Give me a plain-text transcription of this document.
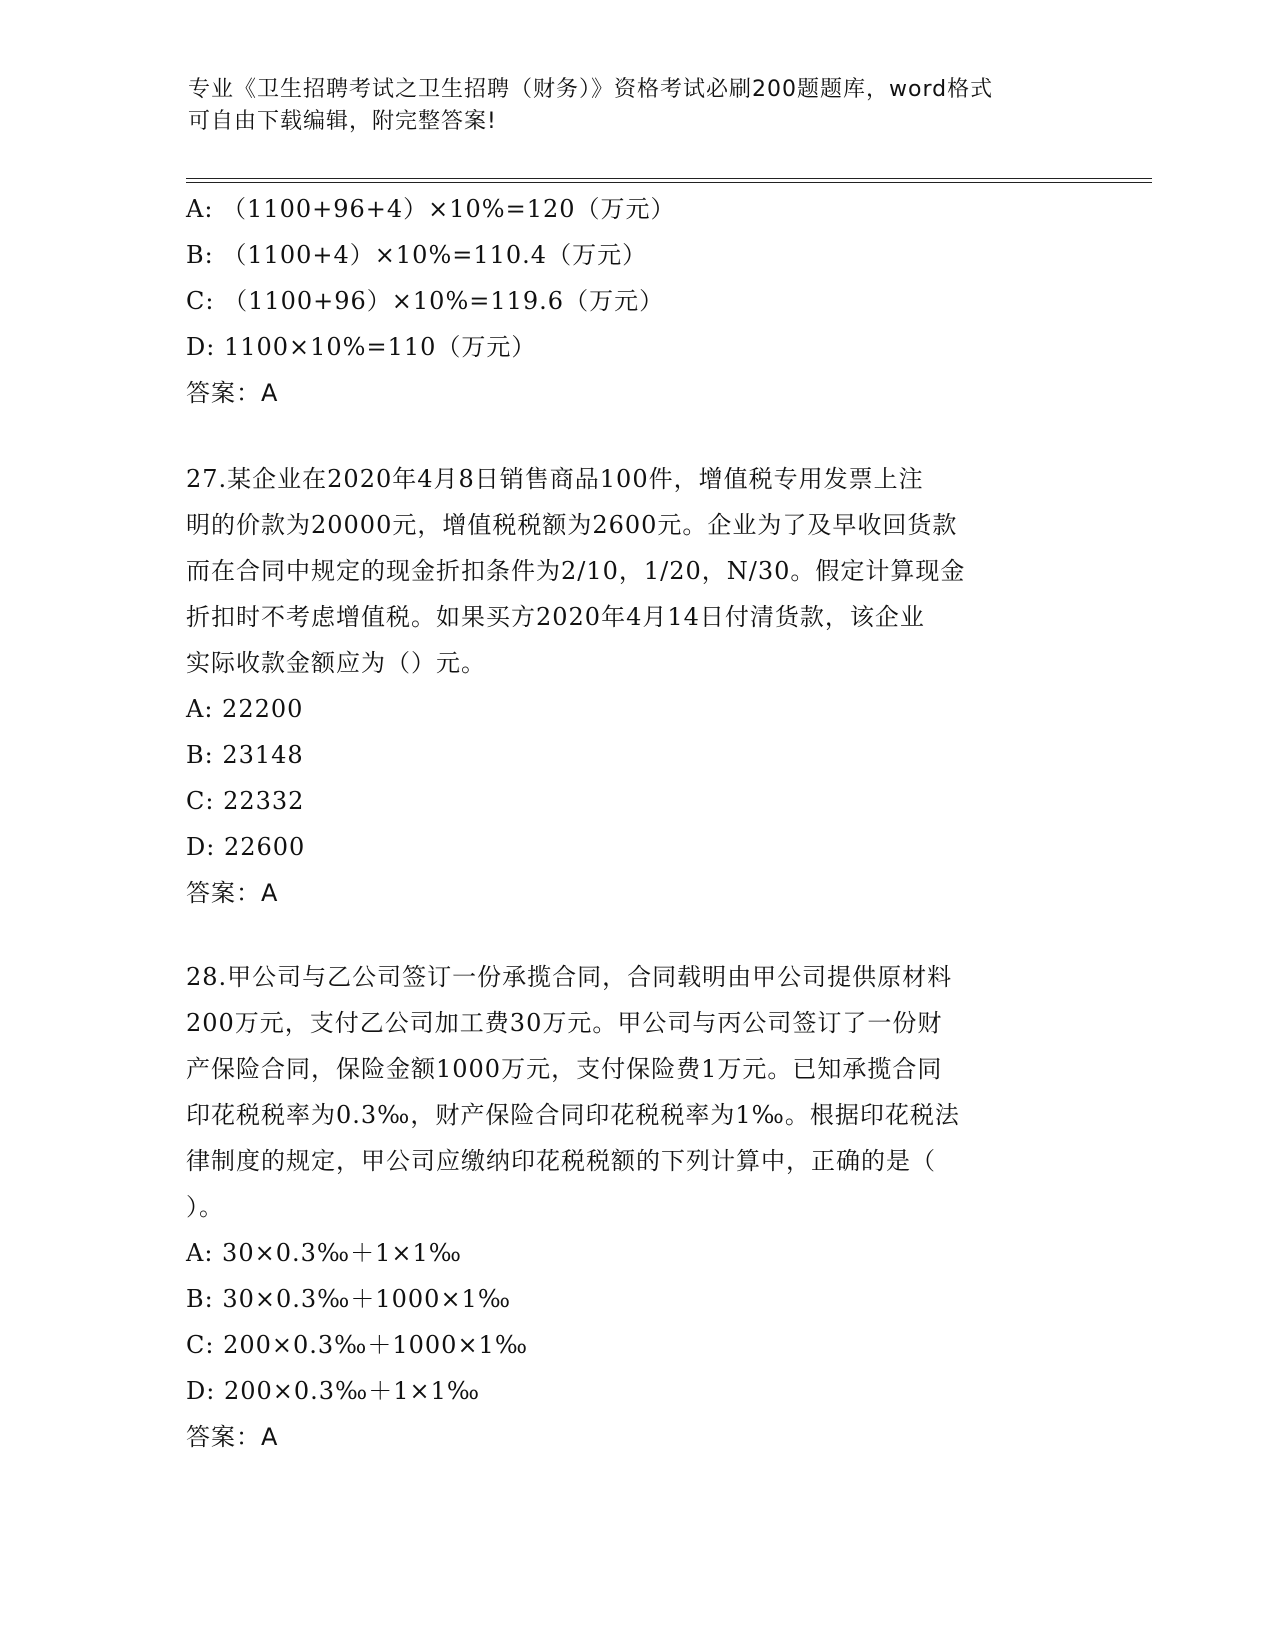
专业《卫生招聘考试之卫生招聘（财务）》资格考试必刷200题题库，word格式
可自由下载编辑，附完整答案!
A: （1100+96+4）×10%=120（万元）
B: （1100+4）×10%=110.4（万元）
C: （1100+96）×10%=119.6（万元）
D: 1100×10%=110（万元）
答案：A
27.某企业在2020年4月8日销售商品100件，增值税专用发票上注
明的价款为20000元，增值税税额为2600元。企业为了及早收回货款
而在合同中规定的现金折扣条件为2/10，1/20，N/30。假定计算现金
折扣时不考虑增值税。如果买方2020年4月14日付清货款，该企业
实际收款金额应为（）元。
A: 22200
B: 23148
C: 22332
D: 22600
答案：A
28.甲公司与乙公司签订一份承揽合同，合同载明由甲公司提供原材料
200万元，支付乙公司加工费30万元。甲公司与丙公司签订了一份财
产保险合同，保险金额1000万元，支付保险费1万元。已知承揽合同
印花税税率为0.3‰，财产保险合同印花税税率为1‰。根据印花税法
律制度的规定，甲公司应缴纳印花税税额的下列计算中，正确的是（
）。
A: 30×0.3‰＋1×1‰
B: 30×0.3‰＋1000×1‰
C: 200×0.3‰＋1000×1‰
D: 200×0.3‰＋1×1‰
答案：A
